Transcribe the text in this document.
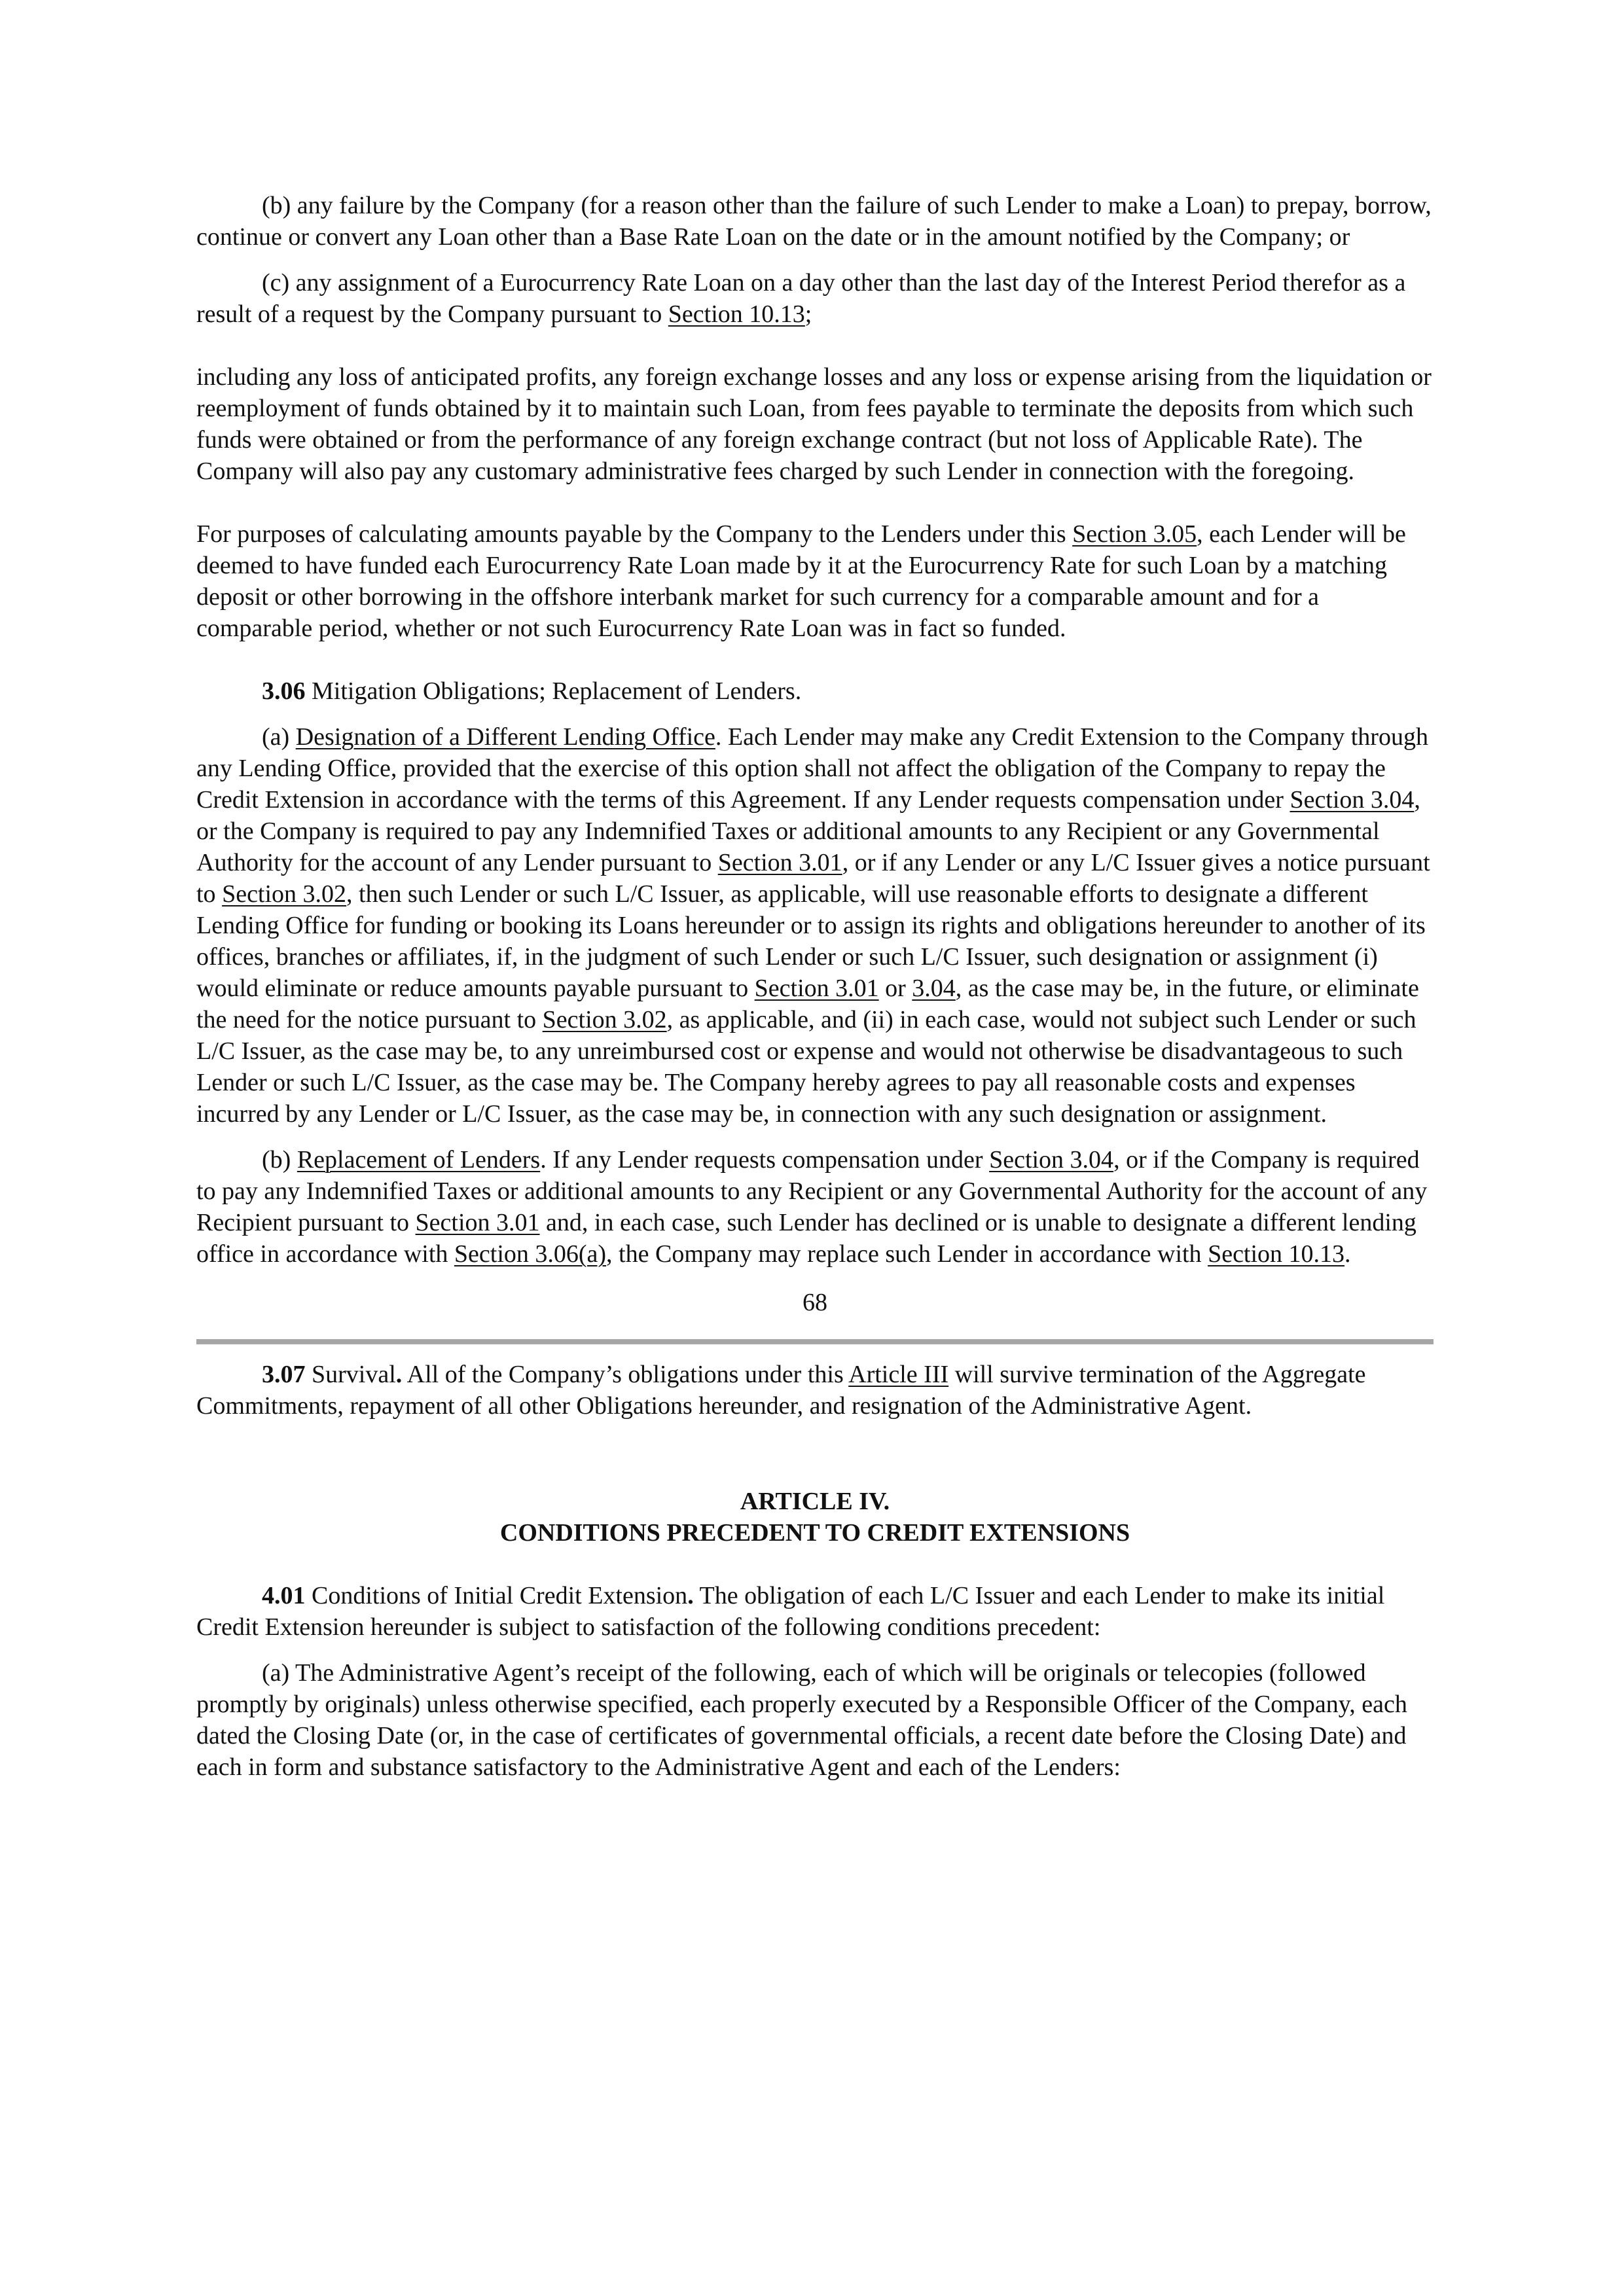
(b) any failure by the Company (for a reason other than the failure of such Lender to make a Loan) to prepay, borrow, continue or convert any Loan other than a Base Rate Loan on the date or in the amount notified by the Company; or

(c) any assignment of a Eurocurrency Rate Loan on a day other than the last day of the Interest Period therefor as a result of a request by the Company pursuant to Section 10.13;

including any loss of anticipated profits, any foreign exchange losses and any loss or expense arising from the liquidation or reemployment of funds obtained by it to maintain such Loan, from fees payable to terminate the deposits from which such funds were obtained or from the performance of any foreign exchange contract (but not loss of Applicable Rate). The Company will also pay any customary administrative fees charged by such Lender in connection with the foregoing.

For purposes of calculating amounts payable by the Company to the Lenders under this Section 3.05, each Lender will be deemed to have funded each Eurocurrency Rate Loan made by it at the Eurocurrency Rate for such Loan by a matching deposit or other borrowing in the offshore interbank market for such currency for a comparable amount and for a comparable period, whether or not such Eurocurrency Rate Loan was in fact so funded.

3.06 Mitigation Obligations; Replacement of Lenders.

(a) Designation of a Different Lending Office. Each Lender may make any Credit Extension to the Company through any Lending Office, provided that the exercise of this option shall not affect the obligation of the Company to repay the Credit Extension in accordance with the terms of this Agreement. If any Lender requests compensation under Section 3.04, or the Company is required to pay any Indemnified Taxes or additional amounts to any Recipient or any Governmental Authority for the account of any Lender pursuant to Section 3.01, or if any Lender or any L/C Issuer gives a notice pursuant to Section 3.02, then such Lender or such L/C Issuer, as applicable, will use reasonable efforts to designate a different Lending Office for funding or booking its Loans hereunder or to assign its rights and obligations hereunder to another of its offices, branches or affiliates, if, in the judgment of such Lender or such L/C Issuer, such designation or assignment (i) would eliminate or reduce amounts payable pursuant to Section 3.01 or 3.04, as the case may be, in the future, or eliminate the need for the notice pursuant to Section 3.02, as applicable, and (ii) in each case, would not subject such Lender or such L/C Issuer, as the case may be, to any unreimbursed cost or expense and would not otherwise be disadvantageous to such Lender or such L/C Issuer, as the case may be. The Company hereby agrees to pay all reasonable costs and expenses incurred by any Lender or L/C Issuer, as the case may be, in connection with any such designation or assignment.

(b) Replacement of Lenders. If any Lender requests compensation under Section 3.04, or if the Company is required to pay any Indemnified Taxes or additional amounts to any Recipient or any Governmental Authority for the account of any Recipient pursuant to Section 3.01 and, in each case, such Lender has declined or is unable to designate a different lending office in accordance with Section 3.06(a), the Company may replace such Lender in accordance with Section 10.13.

68

3.07 Survival. All of the Company’s obligations under this Article III will survive termination of the Aggregate Commitments, repayment of all other Obligations hereunder, and resignation of the Administrative Agent.

ARTICLE IV.

CONDITIONS PRECEDENT TO CREDIT EXTENSIONS

4.01 Conditions of Initial Credit Extension. The obligation of each L/C Issuer and each Lender to make its initial Credit Extension hereunder is subject to satisfaction of the following conditions precedent:

(a) The Administrative Agent’s receipt of the following, each of which will be originals or telecopies (followed promptly by originals) unless otherwise specified, each properly executed by a Responsible Officer of the Company, each dated the Closing Date (or, in the case of certificates of governmental officials, a recent date before the Closing Date) and each in form and substance satisfactory to the Administrative Agent and each of the Lenders:
